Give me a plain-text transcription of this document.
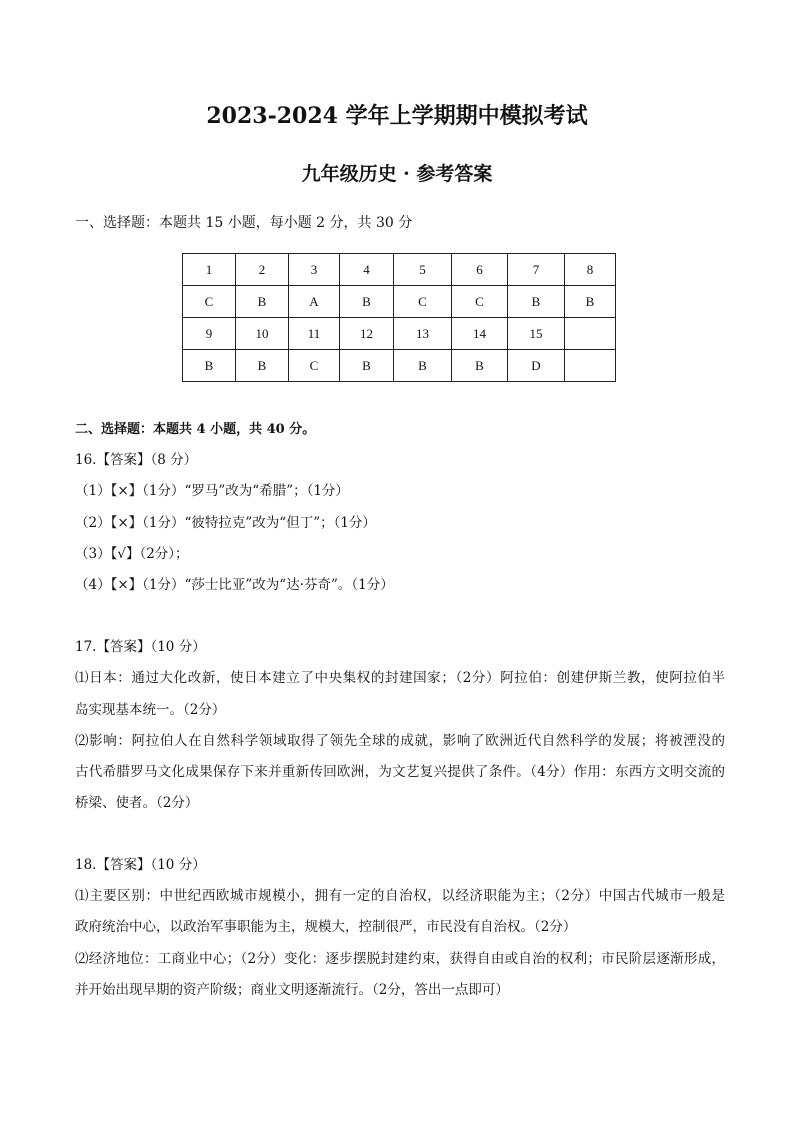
2023-2024 学年上学期期中模拟考试
九年级历史 · 参考答案
一、选择题：本题共 15 小题，每小题 2 分，共 30 分
1	2	3	4	5	6	7	8
C	B	A	B	C	C	B	B
9	10	11	12	13	14	15	
B	B	C	B	B	B	D	
二、选择题：本题共 4 小题，共 40 分。
16.【答案】（8 分）
（1）【×】（1分）“罗马”改为“希腊”；（1分）
（2）【×】（1分）“彼特拉克”改为“但丁”；（1分）
（3）【√】（2分）；
（4）【×】（1分）“莎士比亚”改为“达·芬奇”。（1分）
17.【答案】（10 分）
⑴日本：通过大化改新，使日本建立了中央集权的封建国家；（2分）阿拉伯：创建伊斯兰教，使阿拉伯半
岛实现基本统一。（2分）
⑵影响：阿拉伯人在自然科学领域取得了领先全球的成就，影响了欧洲近代自然科学的发展；将被湮没的
古代希腊罗马文化成果保存下来并重新传回欧洲，为文艺复兴提供了条件。（4分）作用：东西方文明交流的
桥梁、使者。（2分）
18.【答案】（10 分）
⑴主要区别：中世纪西欧城市规模小，拥有一定的自治权，以经济职能为主；（2分）中国古代城市一般是
政府统治中心，以政治军事职能为主，规模大，控制很严，市民没有自治权。（2分）
⑵经济地位：工商业中心；（2分）变化：逐步摆脱封建约束，获得自由或自治的权利；市民阶层逐渐形成，
并开始出现早期的资产阶级；商业文明逐渐流行。（2分，答出一点即可）
